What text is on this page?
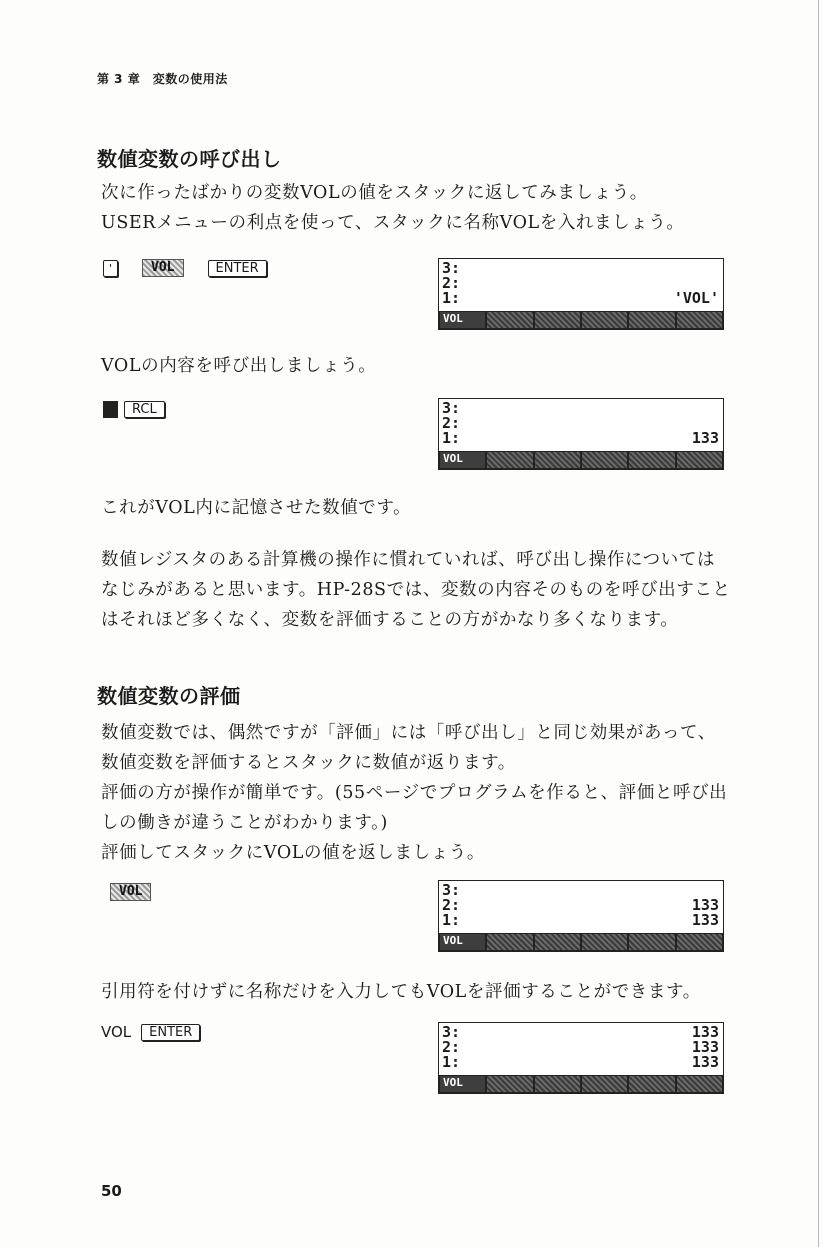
第 3 章　変数の使用法
数値変数の呼び出し
次に作ったばかりの変数VOLの値をスタックに返してみましょう。
USERメニューの利点を使って、スタックに名称VOLを入れましょう。
'	VOL	ENTER	3:
2:
1:	'VOL'
VOL
VOLの内容を呼び出しましょう。
RCL	3:
2:
1:	133
VOL
これがVOL内に記憶させた数値です。
数値レジスタのある計算機の操作に慣れていれば、呼び出し操作については
なじみがあると思います。HP-28Sでは、変数の内容そのものを呼び出すこと
はそれほど多くなく、変数を評価することの方がかなり多くなります。
数値変数の評価
数値変数では、偶然ですが「評価」には「呼び出し」と同じ効果があって、
数値変数を評価するとスタックに数値が返ります。
評価の方が操作が簡単です。(55ページでプログラムを作ると、評価と呼び出
しの働きが違うことがわかります。)
評価してスタックにVOLの値を返しましょう。
VOL	3:
2:	133
1:	133
VOL
引用符を付けずに名称だけを入力してもVOLを評価することができます。
VOL	ENTER	3:	133
2:	133
1:	133
VOL
50
